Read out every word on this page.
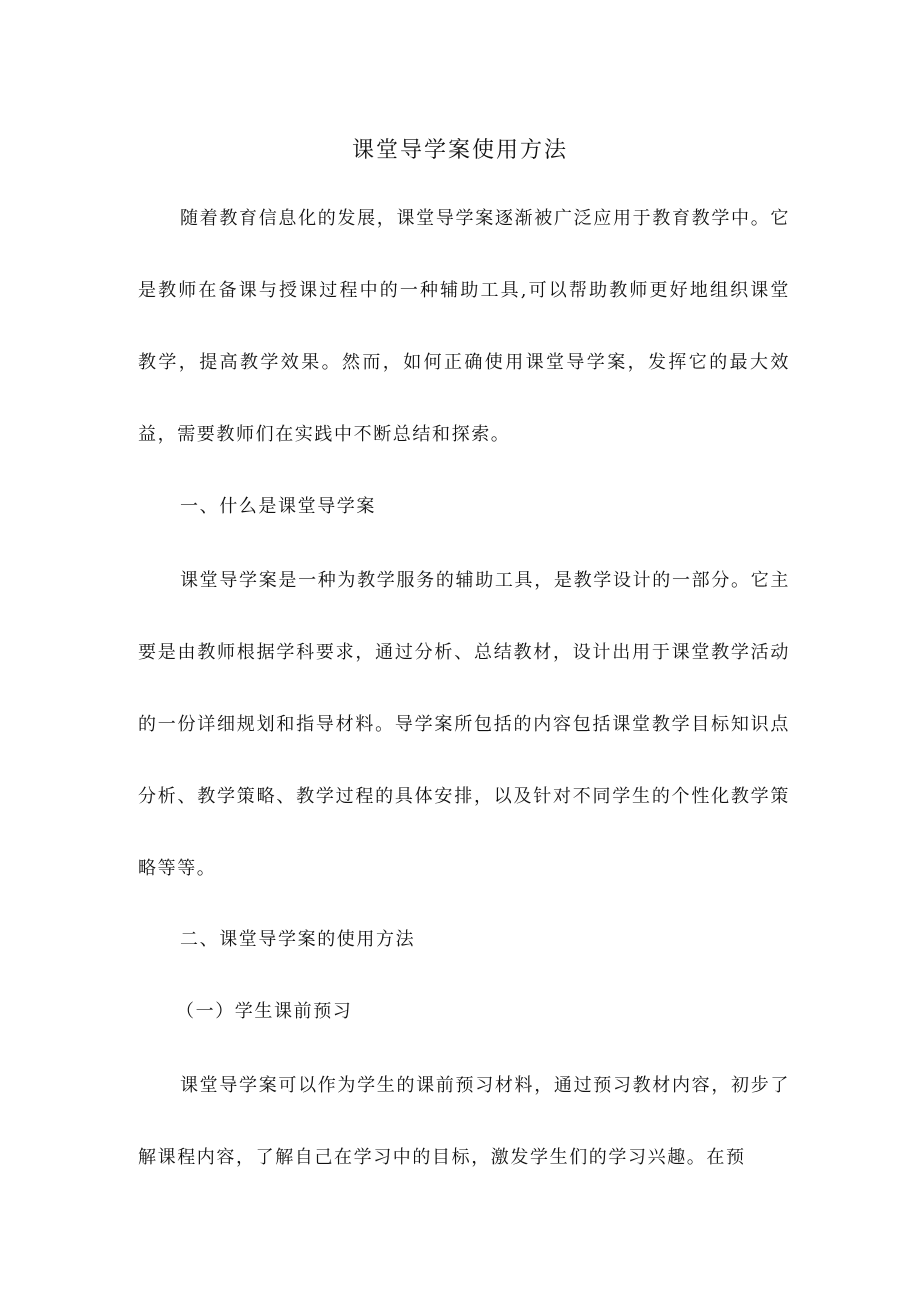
课堂导学案使用方法

随着教育信息化的发展，课堂导学案逐渐被广泛应用于教育教学中。它是教师在备课与授课过程中的一种辅助工具,可以帮助教师更好地组织课堂教学，提高教学效果。然而，如何正确使用课堂导学案，发挥它的最大效益，需要教师们在实践中不断总结和探索。

一、什么是课堂导学案

课堂导学案是一种为教学服务的辅助工具，是教学设计的一部分。它主要是由教师根据学科要求，通过分析、总结教材，设计出用于课堂教学活动的一份详细规划和指导材料。导学案所包括的内容包括课堂教学目标知识点分析、教学策略、教学过程的具体安排，以及针对不同学生的个性化教学策略等等。

二、课堂导学案的使用方法
（一）学生课前预习

课堂导学案可以作为学生的课前预习材料，通过预习教材内容，初步了解课程内容，了解自己在学习中的目标，激发学生们的学习兴趣。在预
